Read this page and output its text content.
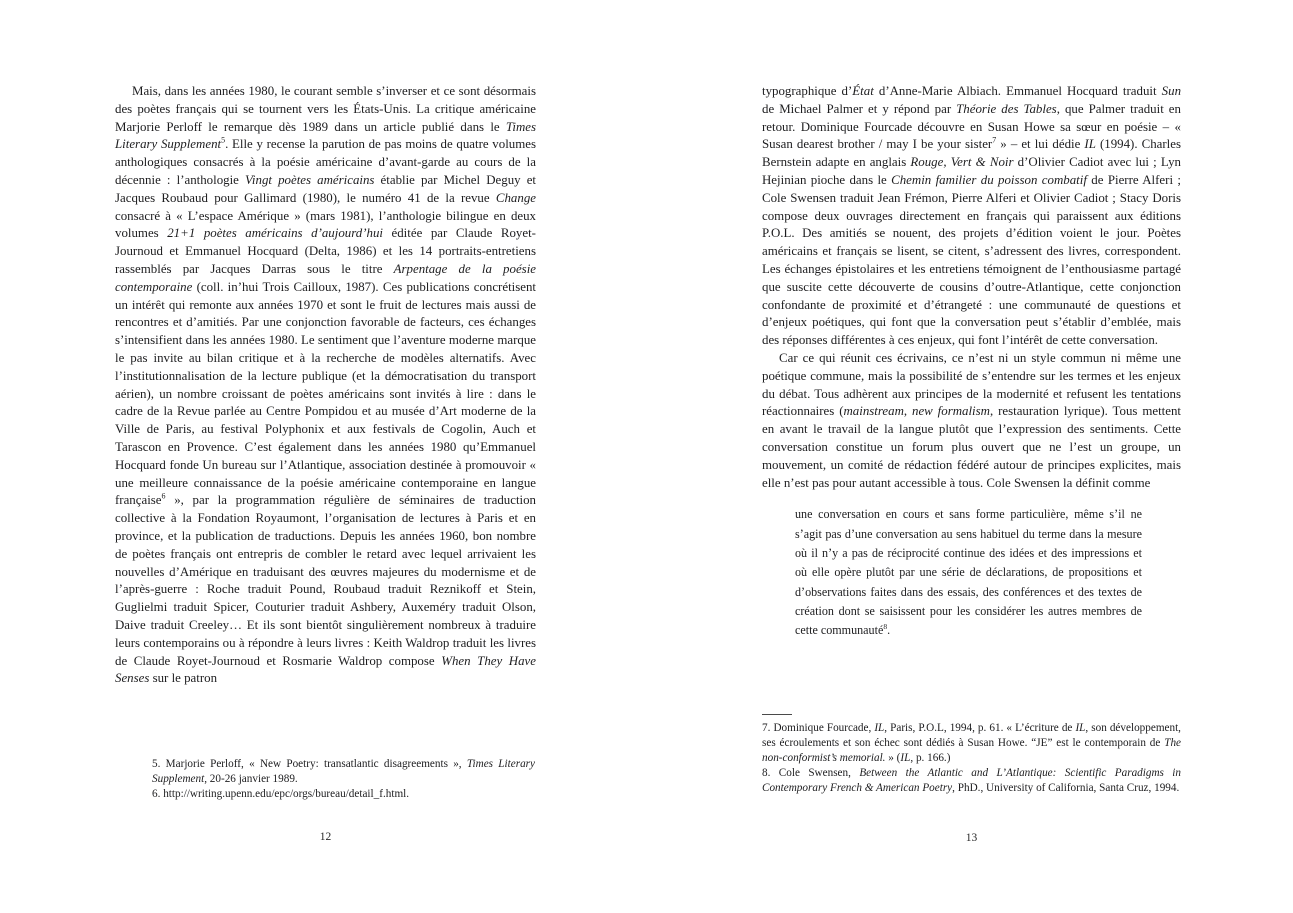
Mais, dans les années 1980, le courant semble s’inverser et ce sont désormais des poètes français qui se tournent vers les États-Unis. La critique américaine Marjorie Perloff le remarque dès 1989 dans un article publié dans le Times Literary Supplement$^5$. Elle y recense la parution de pas moins de quatre volumes anthologiques consacrés à la poésie américaine d’avant-garde au cours de la décennie : l’anthologie Vingt poètes américains établie par Michel Deguy et Jacques Roubaud pour Gallimard (1980), le numéro 41 de la revue Change consacré à « L’espace Amérique » (mars 1981), l’anthologie bilingue en deux volumes 21+1 poètes américains d’aujourd’hui éditée par Claude Royet-Journoud et Emmanuel Hocquard (Delta, 1986) et les 14 portraits-entretiens rassemblés par Jacques Darras sous le titre Arpentage de la poésie contemporaine (coll. in’hui Trois Cailloux, 1987). Ces publications concrétisent un intérêt qui remonte aux années 1970 et sont le fruit de lectures mais aussi de rencontres et d’amitiés. Par une conjonction favorable de facteurs, ces échanges s’intensifient dans les années 1980. Le sentiment que l’aventure moderne marque le pas invite au bilan critique et à la recherche de modèles alternatifs. Avec l’institutionnalisation de la lecture publique (et la démocratisation du transport aérien), un nombre croissant de poètes américains sont invités à lire : dans le cadre de la Revue parlée au Centre Pompidou et au musée d’Art moderne de la Ville de Paris, au festival Polyphonix et aux festivals de Cogolin, Auch et Tarascon en Provence. C’est également dans les années 1980 qu’Emmanuel Hocquard fonde Un bureau sur l’Atlantique, association destinée à promouvoir « une meilleure connaissance de la poésie américaine contemporaine en langue française$^6$ », par la programmation régulière de séminaires de traduction collective à la Fondation Royaumont, l’organisation de lectures à Paris et en province, et la publication de traductions. Depuis les années 1960, bon nombre de poètes français ont entrepris de combler le retard avec lequel arrivaient les nouvelles d’Amérique en traduisant des œuvres majeures du modernisme et de l’après-guerre : Roche traduit Pound, Roubaud traduit Reznikoff et Stein, Guglielmi traduit Spicer, Couturier traduit Ashbery, Auxeméry traduit Olson, Daive traduit Creeley… Et ils sont bientôt singulièrement nombreux à traduire leurs contemporains ou à répondre à leurs livres : Keith Waldrop traduit les livres de Claude Royet-Journoud et Rosmarie Waldrop compose When They Have Senses sur le patron

5. Marjorie Perloff, « New Poetry: transatlantic disagreements », Times Literary Supplement, 20-26 janvier 1989.

6. http://writing.upenn.edu/epc/orgs/bureau/detail_f.html.

12

typographique d’État d’Anne-Marie Albiach. Emmanuel Hocquard traduit Sun de Michael Palmer et y répond par Théorie des Tables, que Palmer traduit en retour. Dominique Fourcade découvre en Susan Howe sa sœur en poésie – « Susan dearest brother / may I be your sister$^7$ » – et lui dédie IL (1994). Charles Bernstein adapte en anglais Rouge, Vert & Noir d’Olivier Cadiot avec lui ; Lyn Hejinian pioche dans le Chemin familier du poisson combatif de Pierre Alferi ; Cole Swensen traduit Jean Frémon, Pierre Alferi et Olivier Cadiot ; Stacy Doris compose deux ouvrages directement en français qui paraissent aux éditions P.O.L. Des amitiés se nouent, des projets d’édition voient le jour. Poètes américains et français se lisent, se citent, s’adressent des livres, correspondent. Les échanges épistolaires et les entretiens témoignent de l’enthousiasme partagé que suscite cette découverte de cousins d’outre-Atlantique, cette conjonction confondante de proximité et d’étrangeté : une communauté de questions et d’enjeux poétiques, qui font que la conversation peut s’établir d’emblée, mais des réponses différentes à ces enjeux, qui font l’intérêt de cette conversation.

Car ce qui réunit ces écrivains, ce n’est ni un style commun ni même une poétique commune, mais la possibilité de s’entendre sur les termes et les enjeux du débat. Tous adhèrent aux principes de la modernité et refusent les tentations réactionnaires (mainstream, new formalism, restauration lyrique). Tous mettent en avant le travail de la langue plutôt que l’expression des sentiments. Cette conversation constitue un forum plus ouvert que ne l’est un groupe, un mouvement, un comité de rédaction fédéré autour de principes explicites, mais elle n’est pas pour autant accessible à tous. Cole Swensen la définit comme

une conversation en cours et sans forme particulière, même s’il ne s’agit pas d’une conversation au sens habituel du terme dans la mesure où il n’y a pas de réciprocité continue des idées et des impressions et où elle opère plutôt par une série de déclarations, de propositions et d’observations faites dans des essais, des conférences et des textes de création dont se saisissent pour les considérer les autres membres de cette communauté$^8$.

7. Dominique Fourcade, IL, Paris, P.O.L, 1994, p. 61. « L’écriture de IL, son développement, ses écroulements et son échec sont dédiés à Susan Howe. “JE” est le contemporain de The non-conformist’s memorial. » (IL, p. 166.)

8. Cole Swensen, Between the Atlantic and L’Atlantique: Scientific Paradigms in Contemporary French & American Poetry, PhD., University of California, Santa Cruz, 1994.

13
